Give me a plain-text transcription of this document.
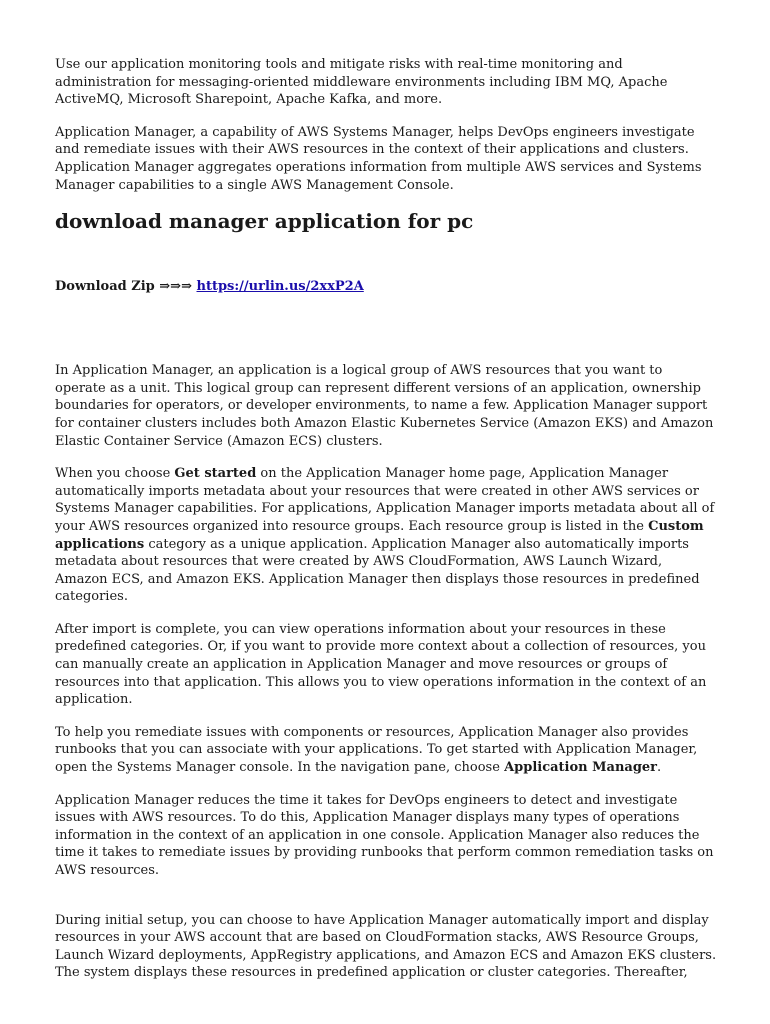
Use our application monitoring tools and mitigate risks with real-time monitoring and administration for messaging-oriented middleware environments including IBM MQ, Apache ActiveMQ, Microsoft Sharepoint, Apache Kafka, and more.

Application Manager, a capability of AWS Systems Manager, helps DevOps engineers investigate and remediate issues with their AWS resources in the context of their applications and clusters. Application Manager aggregates operations information from multiple AWS services and Systems Manager capabilities to a single AWS Management Console.

download manager application for pc
Download Zip ⇒⇒⇒ https://urlin.us/2xxP2A

In Application Manager, an application is a logical group of AWS resources that you want to operate as a unit. This logical group can represent different versions of an application, ownership boundaries for operators, or developer environments, to name a few. Application Manager support for container clusters includes both Amazon Elastic Kubernetes Service (Amazon EKS) and Amazon Elastic Container Service (Amazon ECS) clusters.

When you choose Get started on the Application Manager home page, Application Manager automatically imports metadata about your resources that were created in other AWS services or Systems Manager capabilities. For applications, Application Manager imports metadata about all of your AWS resources organized into resource groups. Each resource group is listed in the Custom applications category as a unique application. Application Manager also automatically imports metadata about resources that were created by AWS CloudFormation, AWS Launch Wizard, Amazon ECS, and Amazon EKS. Application Manager then displays those resources in predefined categories.

After import is complete, you can view operations information about your resources in these predefined categories. Or, if you want to provide more context about a collection of resources, you can manually create an application in Application Manager and move resources or groups of resources into that application. This allows you to view operations information in the context of an application.

To help you remediate issues with components or resources, Application Manager also provides runbooks that you can associate with your applications. To get started with Application Manager, open the Systems Manager console. In the navigation pane, choose Application Manager.

Application Manager reduces the time it takes for DevOps engineers to detect and investigate issues with AWS resources. To do this, Application Manager displays many types of operations information in the context of an application in one console. Application Manager also reduces the time it takes to remediate issues by providing runbooks that perform common remediation tasks on AWS resources.

During initial setup, you can choose to have Application Manager automatically import and display resources in your AWS account that are based on CloudFormation stacks, AWS Resource Groups, Launch Wizard deployments, AppRegistry applications, and Amazon ECS and Amazon EKS clusters. The system displays these resources in predefined application or cluster categories. Thereafter,
